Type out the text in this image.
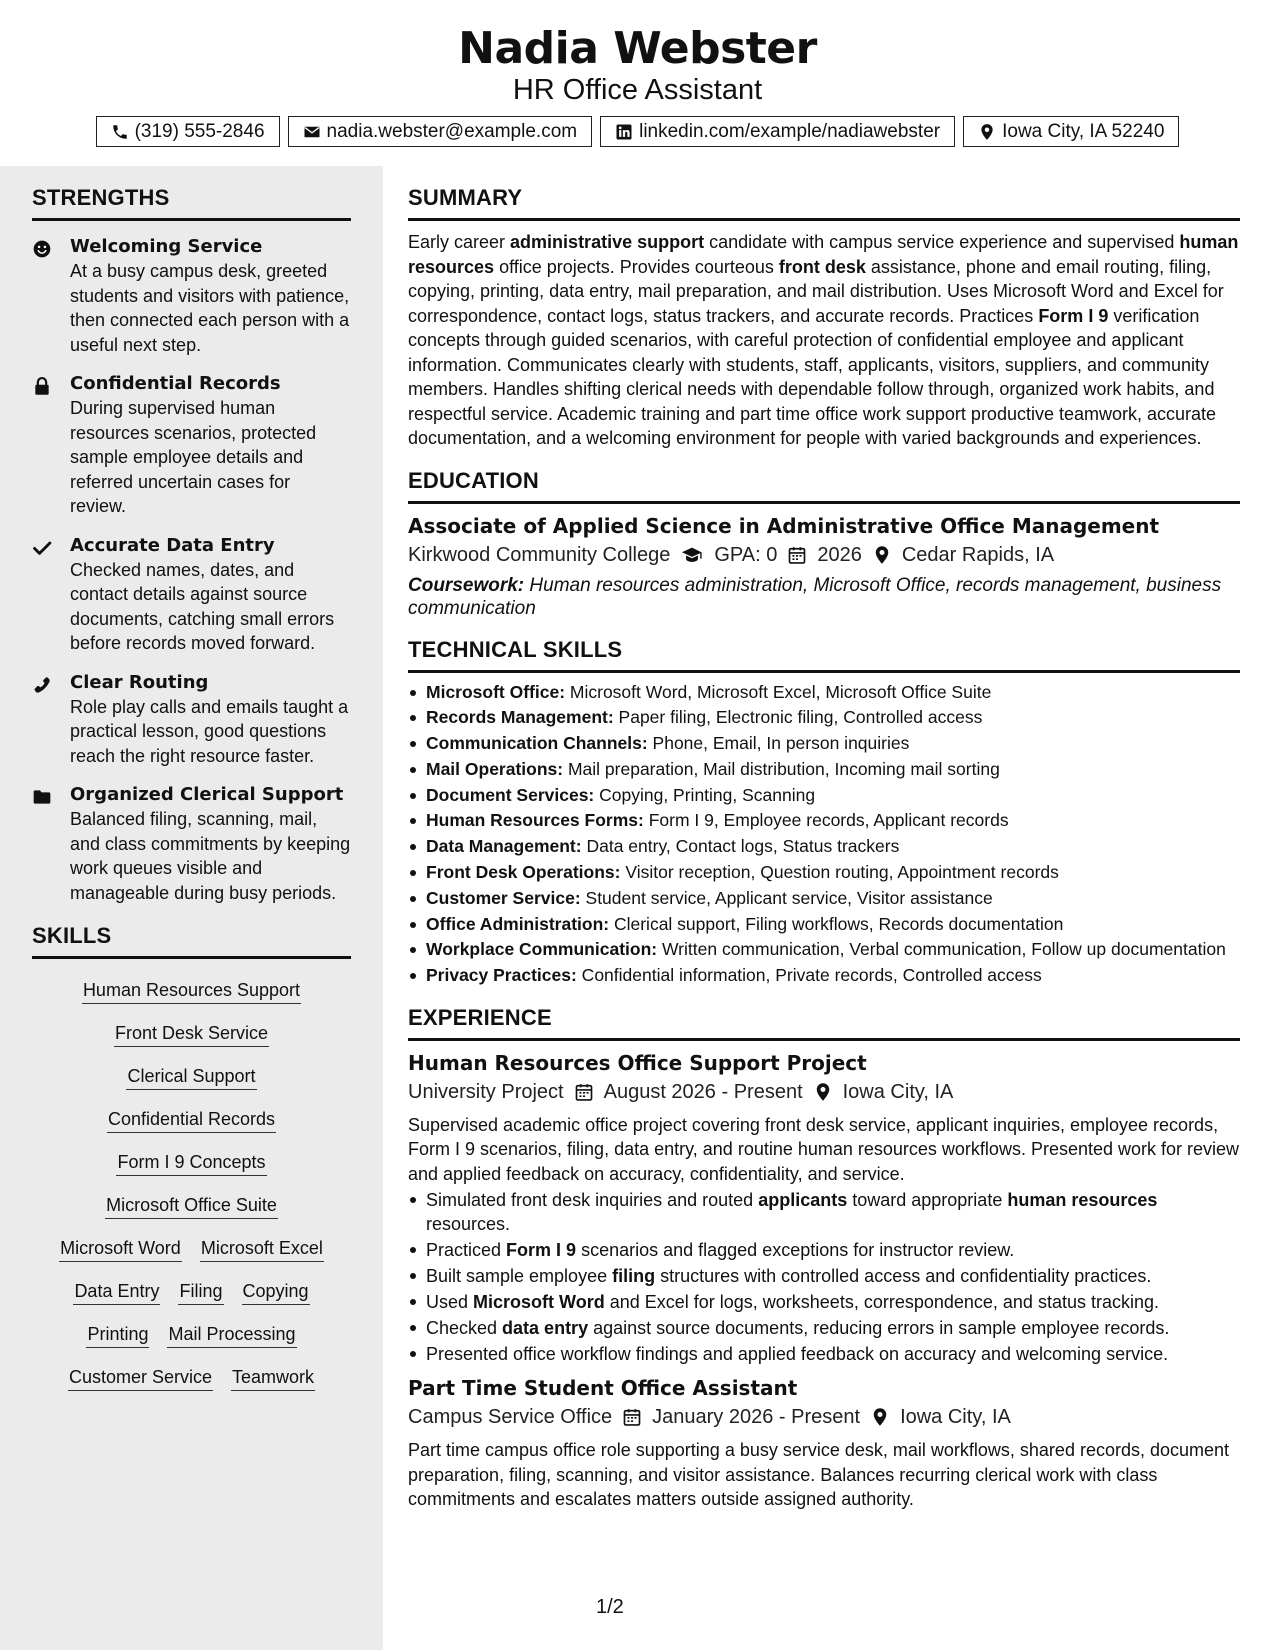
Nadia Webster
HR Office Assistant
(319) 555-2846	nadia.webster@example.com	linkedin.com/example/nadiawebster	Iowa City, IA 52240
STRENGTHS
Welcoming Service
At a busy campus desk, greeted students and visitors with patience, then connected each person with a useful next step.
Confidential Records
During supervised human resources scenarios, protected sample employee details and referred uncertain cases for review.
Accurate Data Entry
Checked names, dates, and contact details against source documents, catching small errors before records moved forward.
Clear Routing
Role play calls and emails taught a practical lesson, good questions reach the right resource faster.
Organized Clerical Support
Balanced filing, scanning, mail, and class commitments by keeping work queues visible and manageable during busy periods.
SKILLS
Human Resources Support
Front Desk Service
Clerical Support
Confidential Records
Form I 9 Concepts
Microsoft Office Suite
Microsoft Word Microsoft Excel
Data Entry Filing Copying
Printing Mail Processing
Customer Service Teamwork
SUMMARY
Early career administrative support candidate with campus service experience and supervised human resources office projects. Provides courteous front desk assistance, phone and email routing, filing, copying, printing, data entry, mail preparation, and mail distribution. Uses Microsoft Word and Excel for correspondence, contact logs, status trackers, and accurate records. Practices Form I 9 verification concepts through guided scenarios, with careful protection of confidential employee and applicant information. Communicates clearly with students, staff, applicants, visitors, suppliers, and community members. Handles shifting clerical needs with dependable follow through, organized work habits, and respectful service. Academic training and part time office work support productive teamwork, accurate documentation, and a welcoming environment for people with varied backgrounds and experiences.
EDUCATION
Associate of Applied Science in Administrative Office Management
Kirkwood Community College GPA: 0 2026 Cedar Rapids, IA
Coursework: Human resources administration, Microsoft Office, records management, business communication
TECHNICAL SKILLS
Microsoft Office: Microsoft Word, Microsoft Excel, Microsoft Office Suite
Records Management: Paper filing, Electronic filing, Controlled access
Communication Channels: Phone, Email, In person inquiries
Mail Operations: Mail preparation, Mail distribution, Incoming mail sorting
Document Services: Copying, Printing, Scanning
Human Resources Forms: Form I 9, Employee records, Applicant records
Data Management: Data entry, Contact logs, Status trackers
Front Desk Operations: Visitor reception, Question routing, Appointment records
Customer Service: Student service, Applicant service, Visitor assistance
Office Administration: Clerical support, Filing workflows, Records documentation
Workplace Communication: Written communication, Verbal communication, Follow up documentation
Privacy Practices: Confidential information, Private records, Controlled access
EXPERIENCE
Human Resources Office Support Project
University Project August 2026 - Present Iowa City, IA
Supervised academic office project covering front desk service, applicant inquiries, employee records, Form I 9 scenarios, filing, data entry, and routine human resources workflows. Presented work for review and applied feedback on accuracy, confidentiality, and service.
Simulated front desk inquiries and routed applicants toward appropriate human resources resources.
Practiced Form I 9 scenarios and flagged exceptions for instructor review.
Built sample employee filing structures with controlled access and confidentiality practices.
Used Microsoft Word and Excel for logs, worksheets, correspondence, and status tracking.
Checked data entry against source documents, reducing errors in sample employee records.
Presented office workflow findings and applied feedback on accuracy and welcoming service.
Part Time Student Office Assistant
Campus Service Office January 2026 - Present Iowa City, IA
Part time campus office role supporting a busy service desk, mail workflows, shared records, document preparation, filing, scanning, and visitor assistance. Balances recurring clerical work with class commitments and escalates matters outside assigned authority.
1/2
